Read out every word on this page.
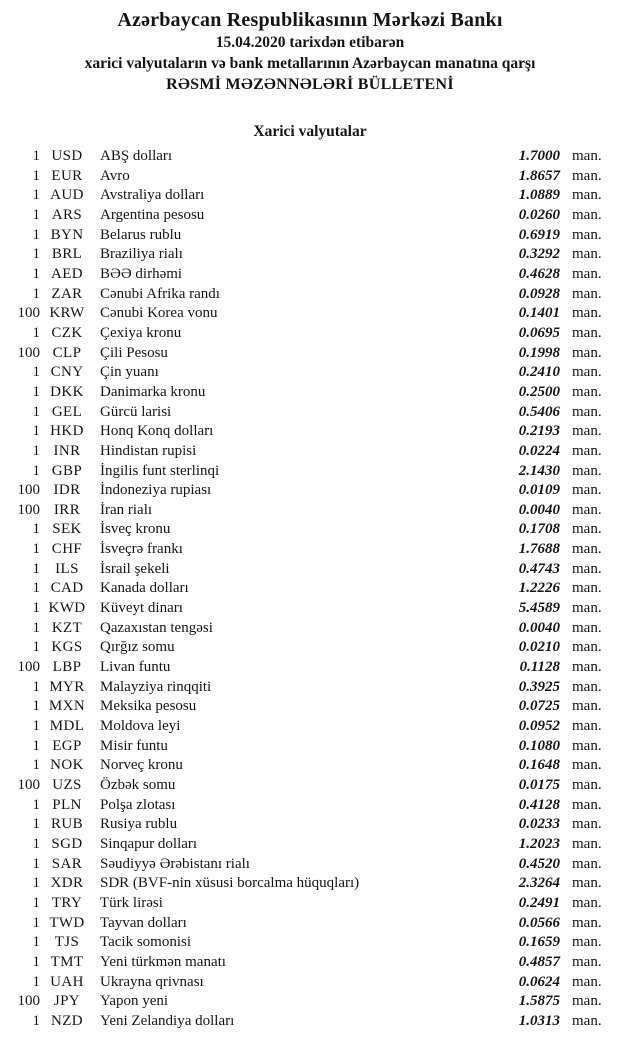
Azərbaycan Respublikasının Mərkəzi Bankı
15.04.2020 tarixdən etibarən
xarici valyutaların və bank metallarının Azərbaycan manatına qarşı
RƏSMİ MƏZƏNNƏLƏRİ BÜLLETENİ
Xarici valyutalar
1 USD	ABŞ dolları	1.7000 man.
1 EUR	Avro	1.8657 man.
1 AUD	Avstraliya dolları	1.0889 man.
1 ARS	Argentina pesosu	0.0260 man.
1 BYN	Belarus rublu	0.6919 man.
1 BRL	Braziliya rialı	0.3292 man.
1 AED	BƏƏ dirhəmi	0.4628 man.
1 ZAR	Cənubi Afrika randı	0.0928 man.
100 KRW	Cənubi Korea vonu	0.1401 man.
1 CZK	Çexiya kronu	0.0695 man.
100 CLP	Çili Pesosu	0.1998 man.
1 CNY	Çin yuanı	0.2410 man.
1 DKK	Danimarka kronu	0.2500 man.
1 GEL	Gürcü larisi	0.5406 man.
1 HKD	Honq Konq dolları	0.2193 man.
1 INR	Hindistan rupisi	0.0224 man.
1 GBP	İngilis funt sterlinqi	2.1430 man.
100 IDR	İndoneziya rupiası	0.0109 man.
100 IRR	İran rialı	0.0040 man.
1 SEK	İsveç kronu	0.1708 man.
1 CHF	İsveçrə frankı	1.7688 man.
1	ILS	İsrail şekeli	0.4743 man.
1 CAD	Kanada dolları	1.2226 man.
1 KWD Küveyt dinarı	5.4589 man.
1 KZT	Qazaxıstan tengəsi	0.0040 man.
1 KGS	Qırğız somu	0.0210 man.
100 LBP	Livan funtu	0.1128 man.
1 MYR	Malayziya rinqqiti	0.3925 man.
1 MXN Meksika pesosu	0.0725 man.
1 MDL	Moldova leyi	0.0952 man.
1 EGP	Misir funtu	0.1080 man.
1 NOK	Norveç kronu	0.1648 man.
100 UZS	Özbək somu	0.0175 man.
1 PLN	Polşa zlotası	0.4128 man.
1 RUB	Rusiya rublu	0.0233 man.
1 SGD	Sinqapur dolları	1.2023 man.
1 SAR	Səudiyyə Ərəbistanı rialı	0.4520 man.
1 XDR	SDR (BVF-nin xüsusi borcalma hüquqları)	2.3264 man.
1 TRY	Türk lirəsi	0.2491 man.
1 TWD	Tayvan dolları	0.0566 man.
1 TJS	Tacik somonisi	0.1659 man.
1 TMT	Yeni türkmən manatı	0.4857 man.
1 UAH	Ukrayna qrivnası	0.0624 man.
100 JPY	Yapon yeni	1.5875 man.
1 NZD	Yeni Zelandiya dolları	1.0313 man.
